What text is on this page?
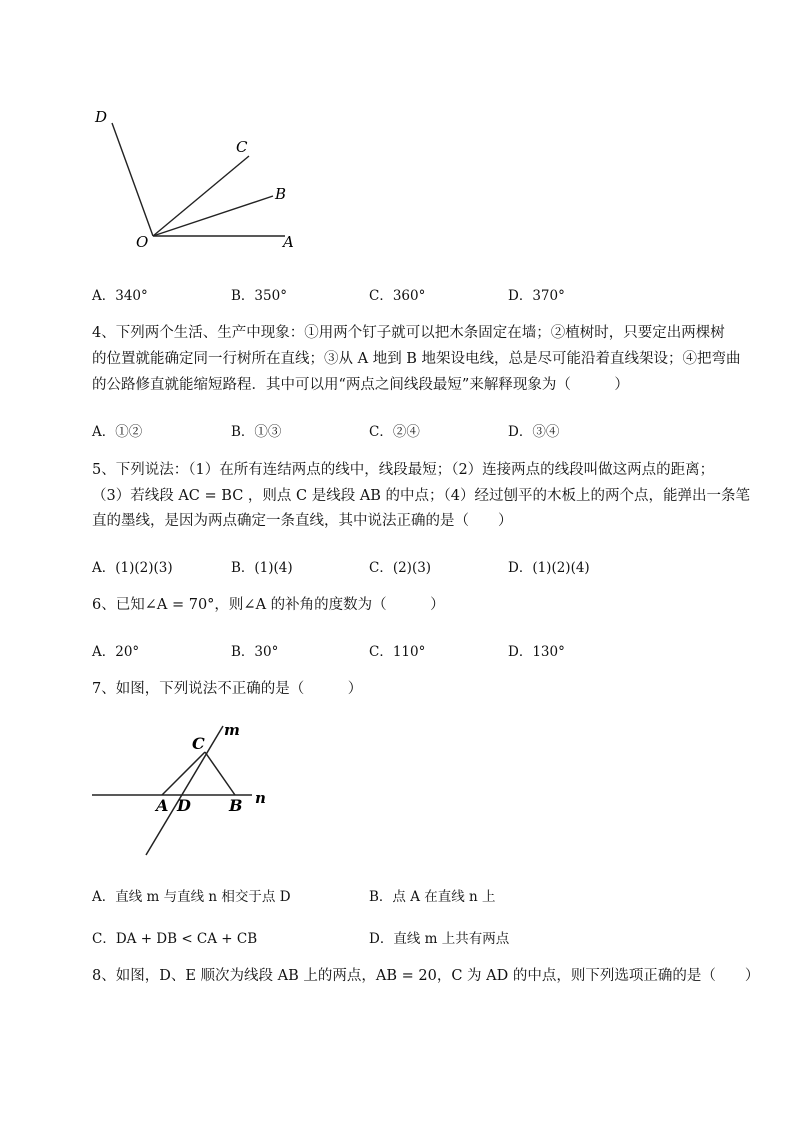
D
C
B
O	A
A．340°	B．350°	C．360°	D．370°
4、下列两个生活、生产中现象：①用两个钉子就可以把木条固定在墙；②植树时，只要定出两棵树
的位置就能确定同一行树所在直线；③从 A 地到 B 地架设电线，总是尽可能沿着直线架设；④把弯曲
的公路修直就能缩短路程．其中可以用“两点之间线段最短”来解释现象为（　　　）
A．①②	B．①③	C．②④	D．③④
5、下列说法：（1）在所有连结两点的线中，线段最短；（2）连接两点的线段叫做这两点的距离；
（3）若线段 AC = BC ，则点 C 是线段 AB 的中点；（4）经过刨平的木板上的两个点，能弹出一条笔
直的墨线，是因为两点确定一条直线，其中说法正确的是（　　）
A．(1)(2)(3)	B．(1)(4)	C．(2)(3)	D．(1)(2)(4)
6、已知∠A = 70°，则∠A 的补角的度数为（　　　）
A．20°	B．30°	C．110°	D．130°
7、如图，下列说法不正确的是（　　　）
C
m
A D B n
A．直线 m 与直线 n 相交于点 D	B．点 A 在直线 n 上
C．DA + DB < CA + CB	D．直线 m 上共有两点
8、如图，D、E 顺次为线段 AB 上的两点，AB = 20，C 为 AD 的中点，则下列选项正确的是（　　）
